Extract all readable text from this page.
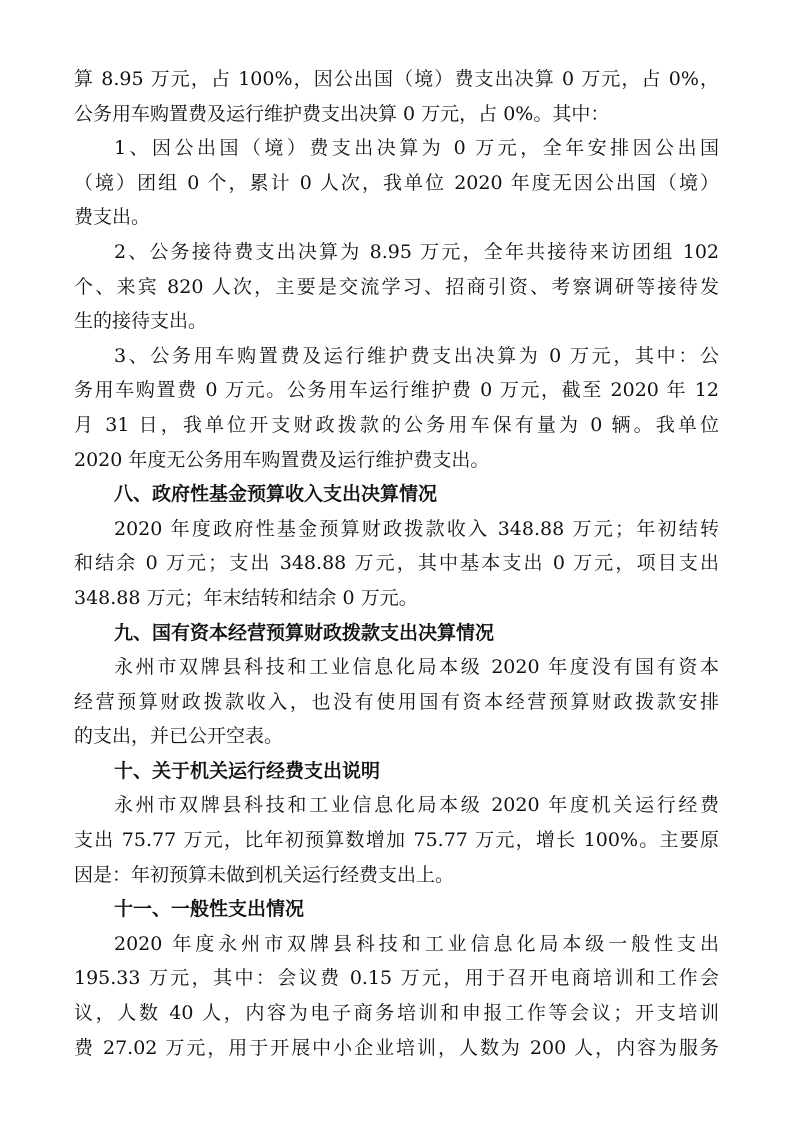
算 8.95 万元，占 100%，因公出国（境）费支出决算 0 万元，占 0%，
公务用车购置费及运行维护费支出决算 0 万元，占 0%。其中：
1、因公出国（境）费支出决算为 0 万元，全年安排因公出国
（境）团组 0 个，累计 0 人次，我单位 2020 年度无因公出国（境）
费支出。
2、公务接待费支出决算为 8.95 万元，全年共接待来访团组 102
个、来宾 820 人次，主要是交流学习、招商引资、考察调研等接待发
生的接待支出。
3、公务用车购置费及运行维护费支出决算为 0 万元，其中：公
务用车购置费 0 万元。公务用车运行维护费 0 万元，截至 2020 年 12
月 31 日，我单位开支财政拨款的公务用车保有量为 0 辆。我单位
2020 年度无公务用车购置费及运行维护费支出。
八、政府性基金预算收入支出决算情况
2020 年度政府性基金预算财政拨款收入 348.88 万元；年初结转
和结余 0 万元；支出 348.88 万元，其中基本支出 0 万元，项目支出
348.88 万元；年末结转和结余 0 万元。
九、国有资本经营预算财政拨款支出决算情况
永州市双牌县科技和工业信息化局本级 2020 年度没有国有资本
经营预算财政拨款收入，也没有使用国有资本经营预算财政拨款安排
的支出，并已公开空表。
十、关于机关运行经费支出说明
永州市双牌县科技和工业信息化局本级 2020 年度机关运行经费
支出 75.77 万元，比年初预算数增加 75.77 万元，增长 100%。主要原
因是：年初预算未做到机关运行经费支出上。
十一、一般性支出情况
2020 年度永州市双牌县科技和工业信息化局本级一般性支出
195.33 万元，其中：会议费 0.15 万元，用于召开电商培训和工作会
议，人数 40 人，内容为电子商务培训和申报工作等会议；开支培训
费 27.02 万元，用于开展中小企业培训，人数为 200 人，内容为服务
